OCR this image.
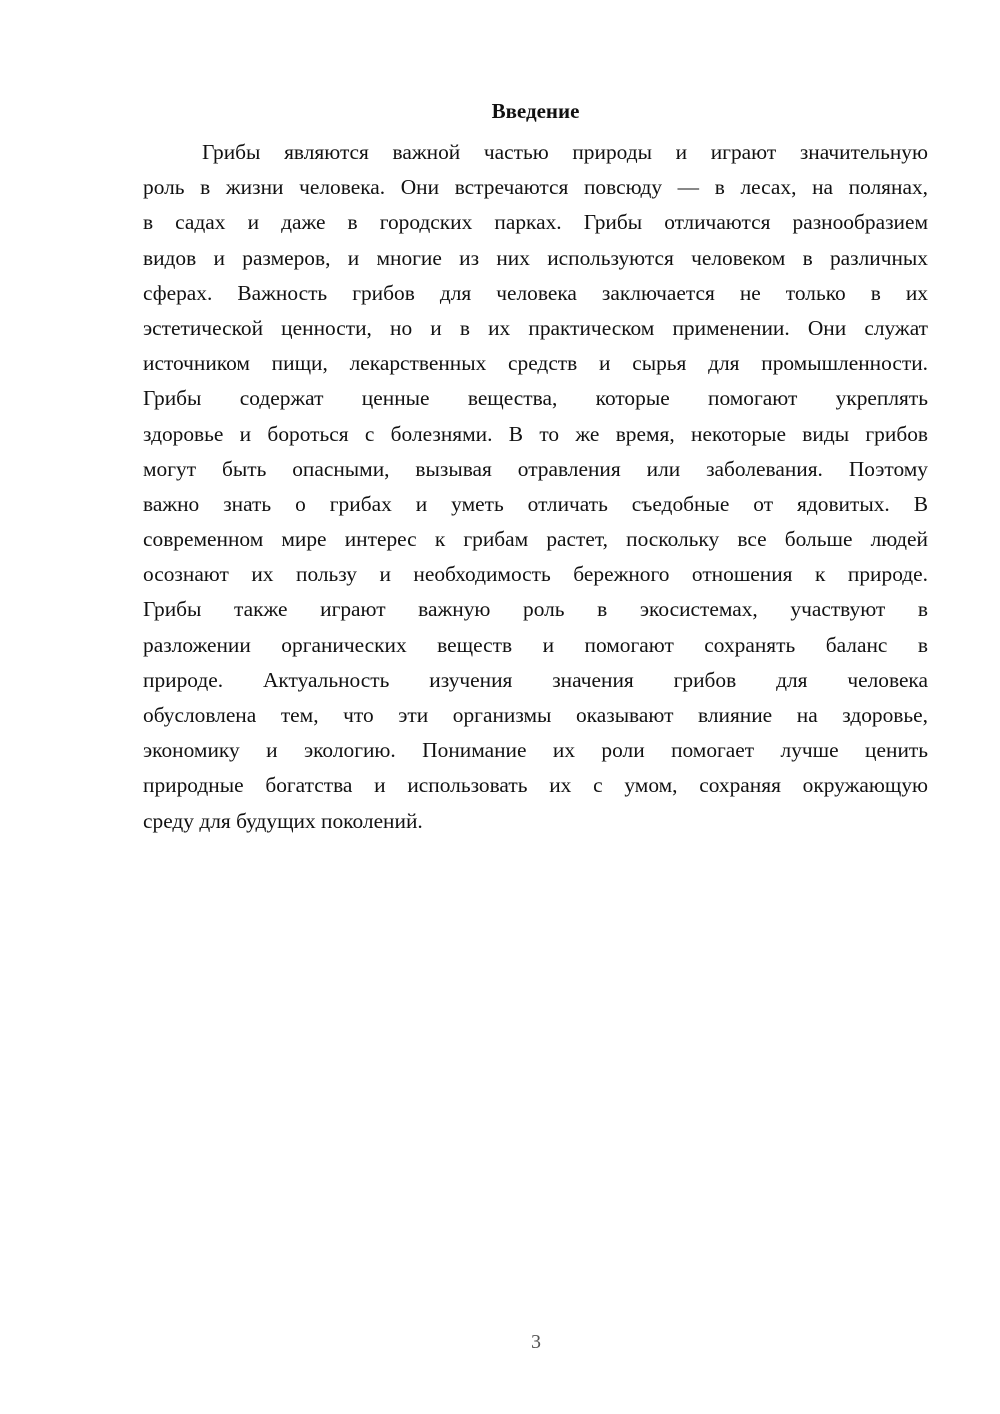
Введение
Грибы являются важной частью природы и играют значительную
роль в жизни человека. Они встречаются повсюду — в лесах, на полянах,
в садах и даже в городских парках. Грибы отличаются разнообразием
видов и размеров, и многие из них используются человеком в различных
сферах. Важность грибов для человека заключается не только в их
эстетической ценности, но и в их практическом применении. Они служат
источником пищи, лекарственных средств и сырья для промышленности.
Грибы содержат ценные вещества, которые помогают укреплять
здоровье и бороться с болезнями. В то же время, некоторые виды грибов
могут быть опасными, вызывая отравления или заболевания. Поэтому
важно знать о грибах и уметь отличать съедобные от ядовитых. В
современном мире интерес к грибам растет, поскольку все больше людей
осознают их пользу и необходимость бережного отношения к природе.
Грибы также играют важную роль в экосистемах, участвуют в
разложении органических веществ и помогают сохранять баланс в
природе. Актуальность изучения значения грибов для человека
обусловлена тем, что эти организмы оказывают влияние на здоровье,
экономику и экологию. Понимание их роли помогает лучше ценить
природные богатства и использовать их с умом, сохраняя окружающую
среду для будущих поколений.
3
